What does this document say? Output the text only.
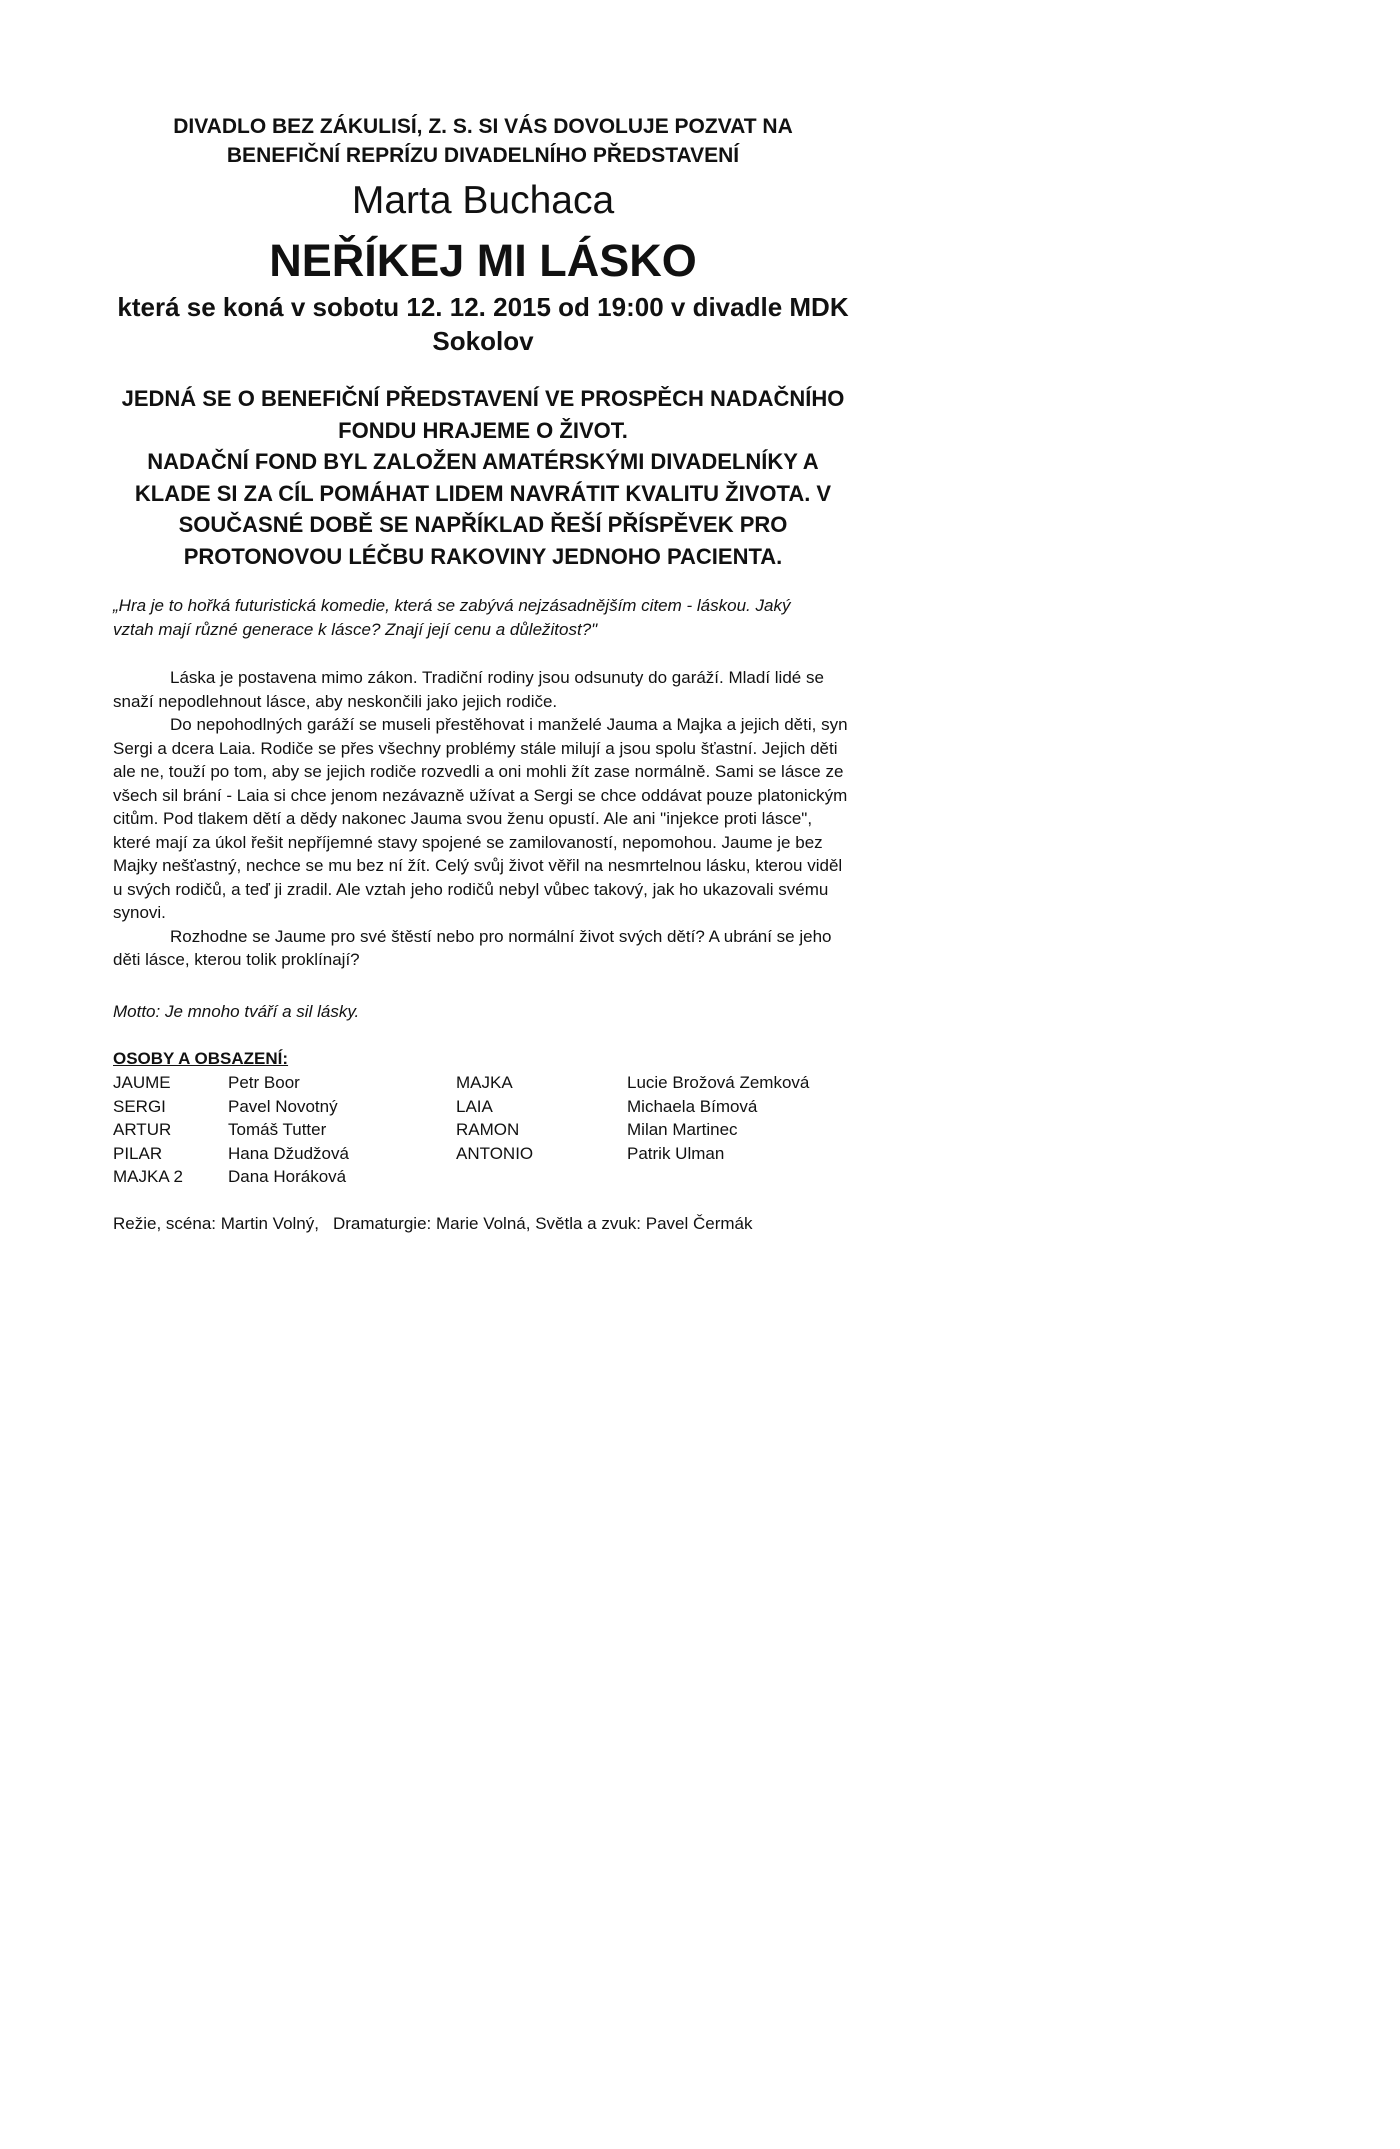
DIVADLO BEZ ZÁKULISÍ, Z. S. SI VÁS DOVOLUJE POZVAT NA
BENEFIČNÍ REPRÍZU DIVADELNÍHO PŘEDSTAVENÍ
Marta Buchaca
NEŘÍKEJ MI LÁSKO
která se koná v sobotu 12. 12. 2015 od 19:00 v divadle MDK
Sokolov
JEDNÁ SE O BENEFIČNÍ PŘEDSTAVENÍ VE PROSPĚCH NADAČNÍHO
FONDU HRAJEME O ŽIVOT.
NADAČNÍ FOND BYL ZALOŽEN AMATÉRSKÝMI DIVADELNÍKY A
KLADE SI ZA CÍL POMÁHAT LIDEM NAVRÁTIT KVALITU ŽIVOTA. V
SOUČASNÉ DOBĚ SE NAPŘÍKLAD ŘEŠÍ PŘÍSPĚVEK PRO
PROTONOVOU LÉČBU RAKOVINY JEDNOHO PACIENTA.
„Hra je to hořká futuristická komedie, která se zabývá nejzásadnějším citem - láskou. Jaký
vztah mají různé generace k lásce? Znají její cenu a důležitost?"

Láska je postavena mimo zákon. Tradiční rodiny jsou odsunuty do garáží. Mladí lidé se snaží nepodlehnout lásce, aby neskončili jako jejich rodiče.

Do nepohodlných garáží se museli přestěhovat i manželé Jauma a Majka a jejich děti, syn Sergi a dcera Laia. Rodiče se přes všechny problémy stále milují a jsou spolu šťastní. Jejich děti ale ne, touží po tom, aby se jejich rodiče rozvedli a oni mohli žít zase normálně. Sami se lásce ze všech sil brání - Laia si chce jenom nezávazně užívat a Sergi se chce oddávat pouze platonickým citům. Pod tlakem dětí a dědy nakonec Jauma svou ženu opustí. Ale ani "injekce proti lásce", které mají za úkol řešit nepříjemné stavy spojené se zamilovaností, nepomohou. Jaume je bez Majky nešťastný, nechce se mu bez ní žít. Celý svůj život věřil na nesmrtelnou lásku, kterou viděl u svých rodičů, a teď ji zradil. Ale vztah jeho rodičů nebyl vůbec takový, jak ho ukazovali svému synovi.

Rozhodne se Jaume pro své štěstí nebo pro normální život svých dětí? A ubrání se jeho děti lásce, kterou tolik proklínají?

Motto: Je mnoho tváří a sil lásky.
OSOBY A OBSAZENÍ:
JAUME	Petr Boor	MAJKA	Lucie Brožová Zemková
SERGI	Pavel Novotný	LAIA	Michaela Bímová
ARTUR	Tomáš Tutter	RAMON	Milan Martinec
PILAR	Hana Džudžová	ANTONIO	Patrik Ulman
MAJKA 2	Dana Horáková
Režie, scéna: Martin Volný, Dramaturgie: Marie Volná, Světla a zvuk: Pavel Čermák
